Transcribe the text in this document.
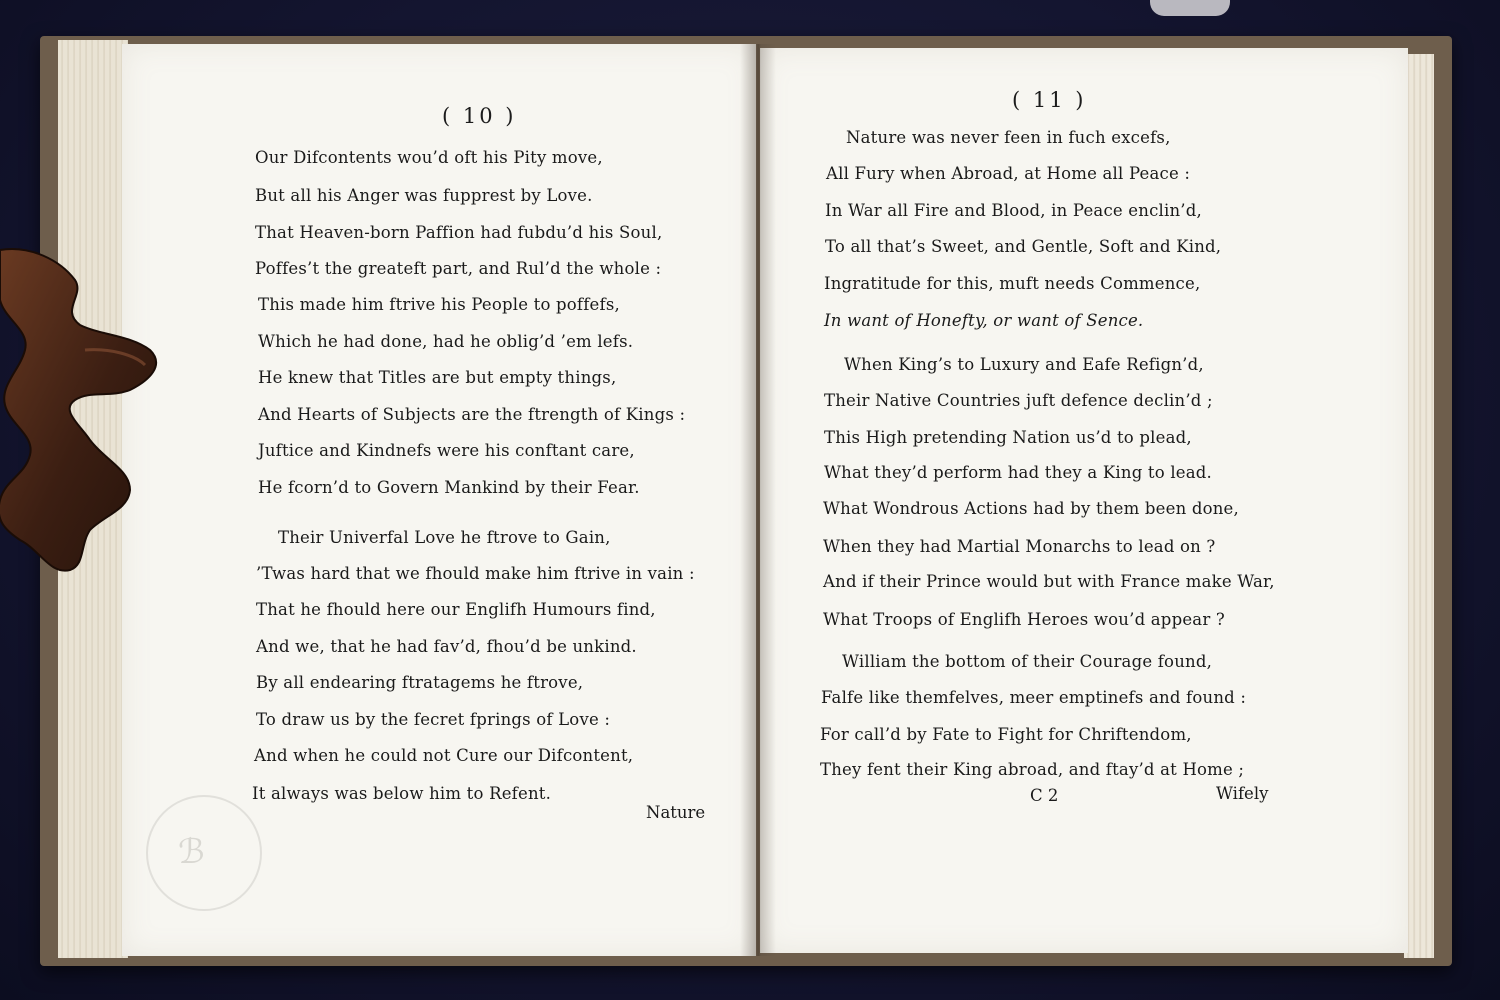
ℬ
( 10 )
Our Difcontents wou’d oft his Pity move,
But all his Anger was fupprest by Love.
That Heaven-born Paffion had fubdu’d his Soul,
Poffes’t the greateft part, and Rul’d the whole :
This made him ftrive his People to poffefs,
Which he had done, had he oblig’d ’em lefs.
He knew that Titles are but empty things,
And Hearts of Subjects are the ftrength of Kings :
Juftice and Kindnefs were his conftant care,
He fcorn’d to Govern Mankind by their Fear.
Their Univerfal Love he ftrove to Gain,
’Twas hard that we fhould make him ftrive in vain :
That he fhould here our Englifh Humours find,
And we, that he had fav’d, fhou’d be unkind.
By all endearing ftratagems he ftrove,
To draw us by the fecret fprings of Love :
And when he could not Cure our Difcontent,
It always was below him to Refent.
Nature
( 11 )
Nature was never feen in fuch excefs,
All Fury when Abroad, at Home all Peace :
In War all Fire and Blood, in Peace enclin’d,
To all that’s Sweet, and Gentle, Soft and Kind,
Ingratitude for this, muft needs Commence,
In want of Honefty, or want of Sence.
When King’s to Luxury and Eafe Refign’d,
Their Native Countries juft defence declin’d ;
This High pretending Nation us’d to plead,
What they’d perform had they a King to lead.
What Wondrous Actions had by them been done,
When they had Martial Monarchs to lead on ?
And if their Prince would but with France make War,
What Troops of Englifh Heroes wou’d appear ?
William the bottom of their Courage found,
Falfe like themfelves, meer emptinefs and found :
For call’d by Fate to Fight for Chriftendom,
They fent their King abroad, and ftay’d at Home ;
C 2	Wifely
